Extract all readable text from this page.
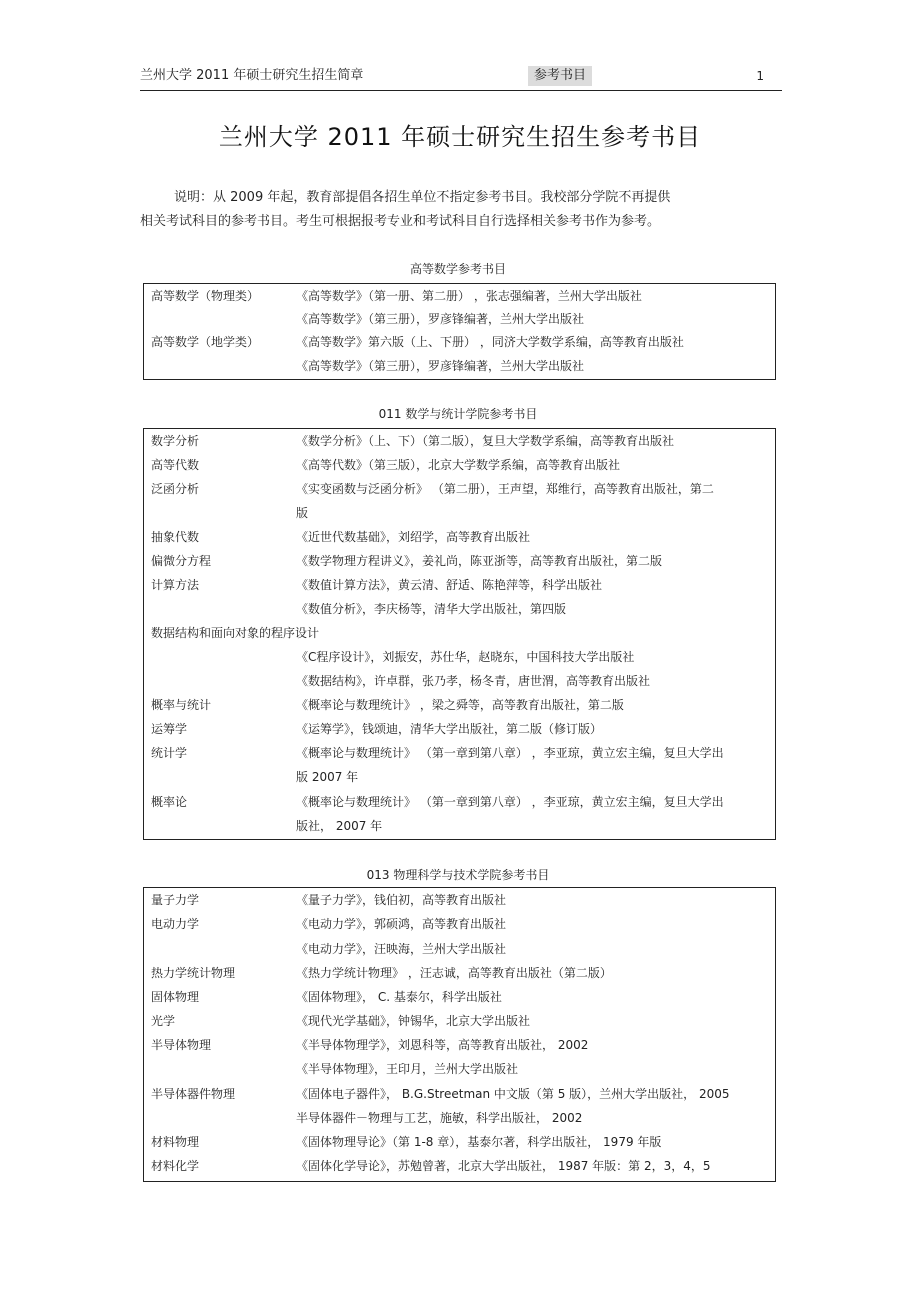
兰州大学 2011 年硕士研究生招生简章	参考书目	1
兰州大学 2011 年硕士研究生招生参考书目
说明：从 2009 年起，教育部提倡各招生单位不指定参考书目。我校部分学院不再提供
相关考试科目的参考书目。考生可根据报考专业和考试科目自行选择相关参考书作为参考。
高等数学参考书目
高等数学（物理类）	《高等数学》（第一册、第二册） ，张志强编著，兰州大学出版社
《高等数学》（第三册），罗彦锋编著，兰州大学出版社
高等数学（地学类）	《高等数学》第六版（上、下册） ，同济大学数学系编，高等教育出版社
《高等数学》（第三册），罗彦锋编著，兰州大学出版社
011 数学与统计学院参考书目
数学分析	《数学分析》（上、下）（第二版），复旦大学数学系编，高等教育出版社
高等代数	《高等代数》（第三版），北京大学数学系编，高等教育出版社
泛函分析	《实变函数与泛函分析》 （第二册），王声望，郑维行，高等教育出版社，第二
版
抽象代数	《近世代数基础》，刘绍学，高等教育出版社
偏微分方程	《数学物理方程讲义》，姜礼尚，陈亚浙等，高等教育出版社，第二版
计算方法	《数值计算方法》，黄云清、舒适、陈艳萍等，科学出版社
《数值分析》，李庆杨等，清华大学出版社，第四版
数据结构和面向对象的程序设计
《C程序设计》，刘振安，苏仕华，赵晓东，中国科技大学出版社
《数据结构》，许卓群，张乃孝，杨冬青，唐世渭，高等教育出版社
概率与统计	《概率论与数理统计》 ，梁之舜等，高等教育出版社，第二版
运筹学	《运筹学》，钱颂迪，清华大学出版社，第二版（修订版）
统计学	《概率论与数理统计》 （第一章到第八章） ，李亚琼，黄立宏主编，复旦大学出
版 2007 年
概率论	《概率论与数理统计》 （第一章到第八章） ，李亚琼，黄立宏主编，复旦大学出
版社， 2007 年
013 物理科学与技术学院参考书目
量子力学	《量子力学》，钱伯初，高等教育出版社
电动力学	《电动力学》，郭硕鸿，高等教育出版社
《电动力学》，汪映海，兰州大学出版社
热力学统计物理	《热力学统计物理》 ，汪志诚，高等教育出版社（第二版）
固体物理	《固体物理》， C. 基泰尔，科学出版社
光学	《现代光学基础》，钟锡华，北京大学出版社
半导体物理	《半导体物理学》，刘恩科等，高等教育出版社， 2002
《半导体物理》，王印月，兰州大学出版社
半导体器件物理	《固体电子器件》， B.G.Streetman 中文版（第 5 版），兰州大学出版社， 2005
半导体器件－物理与工艺，施敏，科学出版社， 2002
材料物理	《固体物理导论》（第 1-8 章），基泰尔著，科学出版社， 1979 年版
材料化学	《固体化学导论》，苏勉曾著，北京大学出版社， 1987 年版：第 2，3，4，5
